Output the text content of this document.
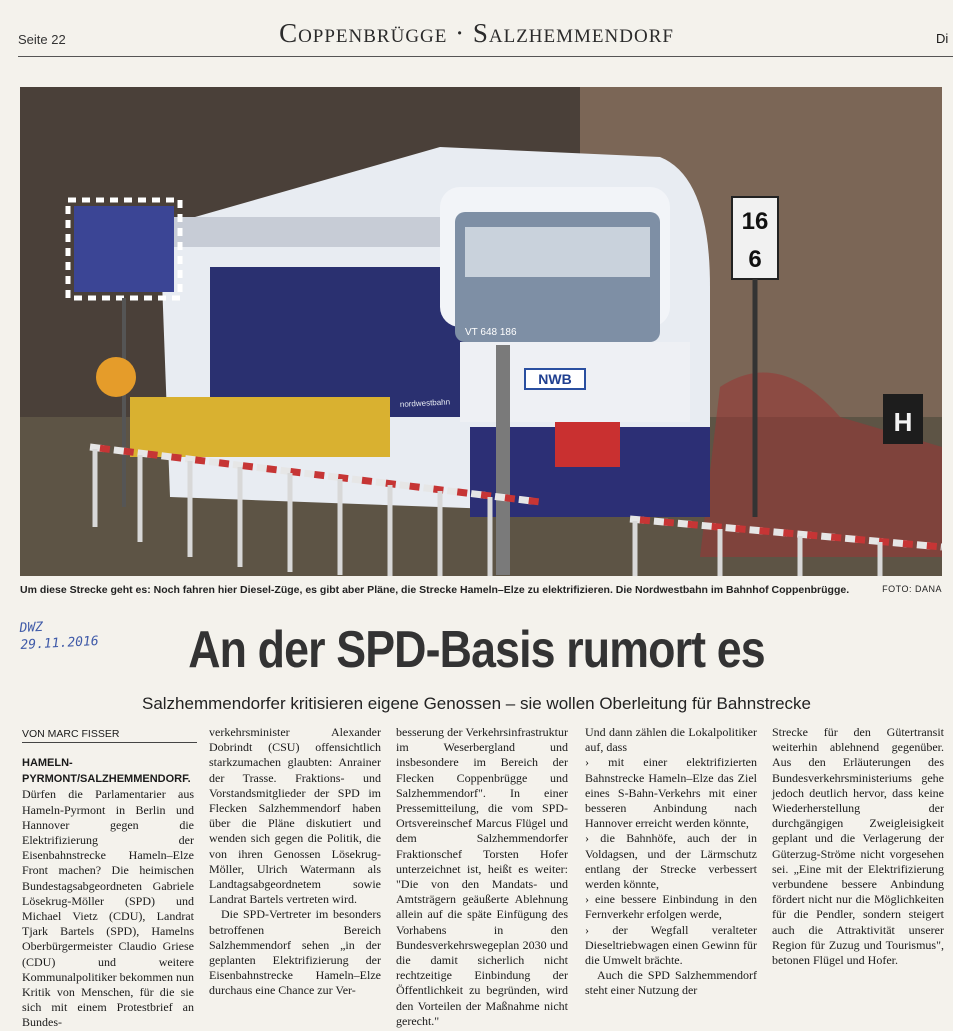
Seite 22	Coppenbrügge · Salzhemmendorf	Di
NWB
VT 648 186
nordwestbahn
16
6
H
FOTO: DANA
Um diese Strecke geht es: Noch fahren hier Diesel-Züge, es gibt aber Pläne, die Strecke Hameln–Elze zu elektrifizieren. Die Nordwestbahn im Bahnhof Coppenbrügge.
DWZ
29.11.2016	An der SPD-Basis rumort es
Salzhemmendorfer kritisieren eigene Genossen – sie wollen Oberleitung für Bahnstrecke
VON MARC FISSER

HAMELN-PYRMONT/SALZHEMMENDORF. Dürfen die Parlamentarier aus Hameln-Pyrmont in Berlin und Hannover gegen die Elektrifizierung der Eisenbahnstrecke Hameln–Elze Front machen? Die heimischen Bundestagsabgeordneten Gabriele Lösekrug-Möller (SPD) und Michael Vietz (CDU), Landrat Tjark Bartels (SPD), Hamelns Oberbürgermeister Claudio Griese (CDU) und weitere Kommunalpolitiker bekommen nun Kritik von Menschen, für die sie sich mit einem Protestbrief an Bundes-

verkehrsminister Alexander Dobrindt (CSU) offensichtlich starkzumachen glaubten: Anrainer der Trasse. Fraktions- und Vorstandsmitglieder der SPD im Flecken Salzhemmendorf haben über die Pläne diskutiert und wenden sich gegen die Politik, die von ihren Genossen Lösekrug-Möller, Ulrich Watermann als Landtagsabgeordnetem sowie Landrat Bartels vertreten wird.

Die SPD-Vertreter im besonders betroffenen Bereich Salzhemmendorf sehen „in der geplanten Elektrifizierung der Eisenbahnstrecke Hameln–Elze durchaus eine Chance zur Ver-

besserung der Verkehrsinfrastruktur im Weserbergland und insbesondere im Bereich der Flecken Coppenbrügge und Salzhemmendorf". In einer Pressemitteilung, die vom SPD-Ortsvereinschef Marcus Flügel und dem Salzhemmendorfer Fraktionschef Torsten Hofer unterzeichnet ist, heißt es weiter: "Die von den Mandats- und Amtsträgern geäußerte Ablehnung allein auf die späte Einfügung des Vorhabens in den Bundesverkehrswegeplan 2030 und die damit sicherlich nicht rechtzeitige Einbindung der Öffentlichkeit zu begründen, wird den Vorteilen der Maßnahme nicht gerecht."

Und dann zählen die Lokalpolitiker auf, dass

› mit einer elektrifizierten Bahnstrecke Hameln–Elze das Ziel eines S-Bahn-Verkehrs mit einer besseren Anbindung nach Hannover erreicht werden könnte,

› die Bahnhöfe, auch der in Voldagsen, und der Lärmschutz entlang der Strecke verbessert werden könnte,

› eine bessere Einbindung in den Fernverkehr erfolgen werde,

› der Wegfall veralteter Dieseltriebwagen einen Gewinn für die Umwelt brächte.

Auch die SPD Salzhemmendorf steht einer Nutzung der

Strecke für den Gütertransit weiterhin ablehnend gegenüber. Aus den Erläuterungen des Bundesverkehrsministeriums gehe jedoch deutlich hervor, dass keine Wiederherstellung der durchgängigen Zweigleisigkeit geplant und die Verlagerung der Güterzug-Ströme nicht vorgesehen sei. „Eine mit der Elektrifizierung verbundene bessere Anbindung fördert nicht nur die Möglichkeiten für die Pendler, sondern steigert auch die Attraktivität unserer Region für Zuzug und Tourismus", betonen Flügel und Hofer.
